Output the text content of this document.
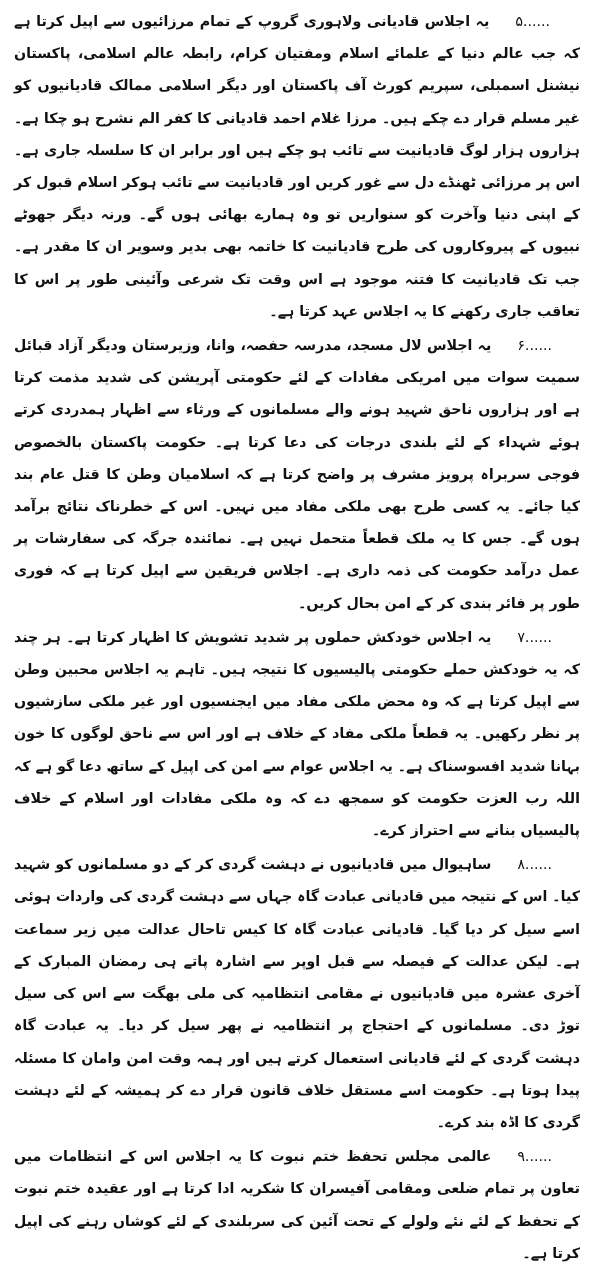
۵......یہ اجلاس قادیانی ولاہوری گروپ کے تمام مرزائیوں سے اپیل کرتا ہے کہ جب عالم دنیا کے علمائے اسلام ومفتیان کرام، رابطہ عالم اسلامی، پاکستان نیشنل اسمبلی، سپریم کورٹ آف پاکستان اور دیگر اسلامی ممالک قادیانیوں کو غیر مسلم قرار دے چکے ہیں۔ مرزا غلام احمد قادیانی کا کفر الم نشرح ہو چکا ہے۔ ہزاروں ہزار لوگ قادیانیت سے تائب ہو چکے ہیں اور برابر ان کا سلسلہ جاری ہے۔ اس پر مرزائی ٹھنڈے دل سے غور کریں اور قادیانیت سے تائب ہوکر اسلام قبول کر کے اپنی دنیا وآخرت کو سنواریں تو وہ ہمارے بھائی ہوں گے۔ ورنہ دیگر جھوٹے نبیوں کے پیروکاروں کی طرح قادیانیت کا خاتمہ بھی بدیر وسویر ان کا مقدر ہے۔ جب تک قادیانیت کا فتنہ موجود ہے اس وقت تک شرعی وآئینی طور پر اس کا تعاقب جاری رکھنے کا یہ اجلاس عہد کرتا ہے۔

۶......یہ اجلاس لال مسجد، مدرسہ حفصہ، وانا، وزیرستان ودیگر آزاد قبائل سمیت سوات میں امریکی مفادات کے لئے حکومتی آپریشن کی شدید مذمت کرتا ہے اور ہزاروں ناحق شہید ہونے والے مسلمانوں کے ورثاء سے اظہار ہمدردی کرتے ہوئے شہداء کے لئے بلندی درجات کی دعا کرتا ہے۔ حکومت پاکستان بالخصوص فوجی سربراہ پرویز مشرف پر واضح کرتا ہے کہ اسلامیان وطن کا قتل عام بند کیا جائے۔ یہ کسی طرح بھی ملکی مفاد میں نہیں۔ اس کے خطرناک نتائج برآمد ہوں گے۔ جس کا یہ ملک قطعاً متحمل نہیں ہے۔ نمائندہ جرگہ کی سفارشات پر عمل درآمد حکومت کی ذمہ داری ہے۔ اجلاس فریقین سے اپیل کرتا ہے کہ فوری طور پر فائر بندی کر کے امن بحال کریں۔

۷......یہ اجلاس خودکش حملوں پر شدید تشویش کا اظہار کرتا ہے۔ ہر چند کہ یہ خودکش حملے حکومتی پالیسیوں کا نتیجہ ہیں۔ تاہم یہ اجلاس محبین وطن سے اپیل کرتا ہے کہ وہ محض ملکی مفاد میں ایجنسیوں اور غیر ملکی سازشیوں پر نظر رکھیں۔ یہ قطعاً ملکی مفاد کے خلاف ہے اور اس سے ناحق لوگوں کا خون بہانا شدید افسوسناک ہے۔ یہ اجلاس عوام سے امن کی اپیل کے ساتھ دعا گو ہے کہ اللہ رب العزت حکومت کو سمجھ دے کہ وہ ملکی مفادات اور اسلام کے خلاف پالیسیاں بنانے سے احتراز کرے۔

۸......ساہیوال میں قادیانیوں نے دہشت گردی کر کے دو مسلمانوں کو شہید کیا۔ اس کے نتیجہ میں قادیانی عبادت گاہ جہاں سے دہشت گردی کی واردات ہوئی اسے سیل کر دیا گیا۔ قادیانی عبادت گاہ کا کیس تاحال عدالت میں زیر سماعت ہے۔ لیکن عدالت کے فیصلہ سے قبل اوپر سے اشارہ پاتے ہی رمضان المبارک کے آخری عشرہ میں قادیانیوں نے مقامی انتظامیہ کی ملی بھگت سے اس کی سیل توڑ دی۔ مسلمانوں کے احتجاج پر انتظامیہ نے پھر سیل کر دیا۔ یہ عبادت گاہ دہشت گردی کے لئے قادیانی استعمال کرتے ہیں اور ہمہ وقت امن وامان کا مسئلہ پیدا ہوتا ہے۔ حکومت اسے مستقل خلاف قانون قرار دے کر ہمیشہ کے لئے دہشت گردی کا اڈہ بند کرے۔

۹......عالمی مجلس تحفظ ختم نبوت کا یہ اجلاس اس کے انتظامات میں تعاون پر تمام ضلعی ومقامی آفیسران کا شکریہ ادا کرتا ہے اور عقیدہ ختم نبوت کے تحفظ کے لئے نئے ولولے کے تحت آئین کی سربلندی کے لئے کوشاں رہنے کی اپیل کرتا ہے۔
